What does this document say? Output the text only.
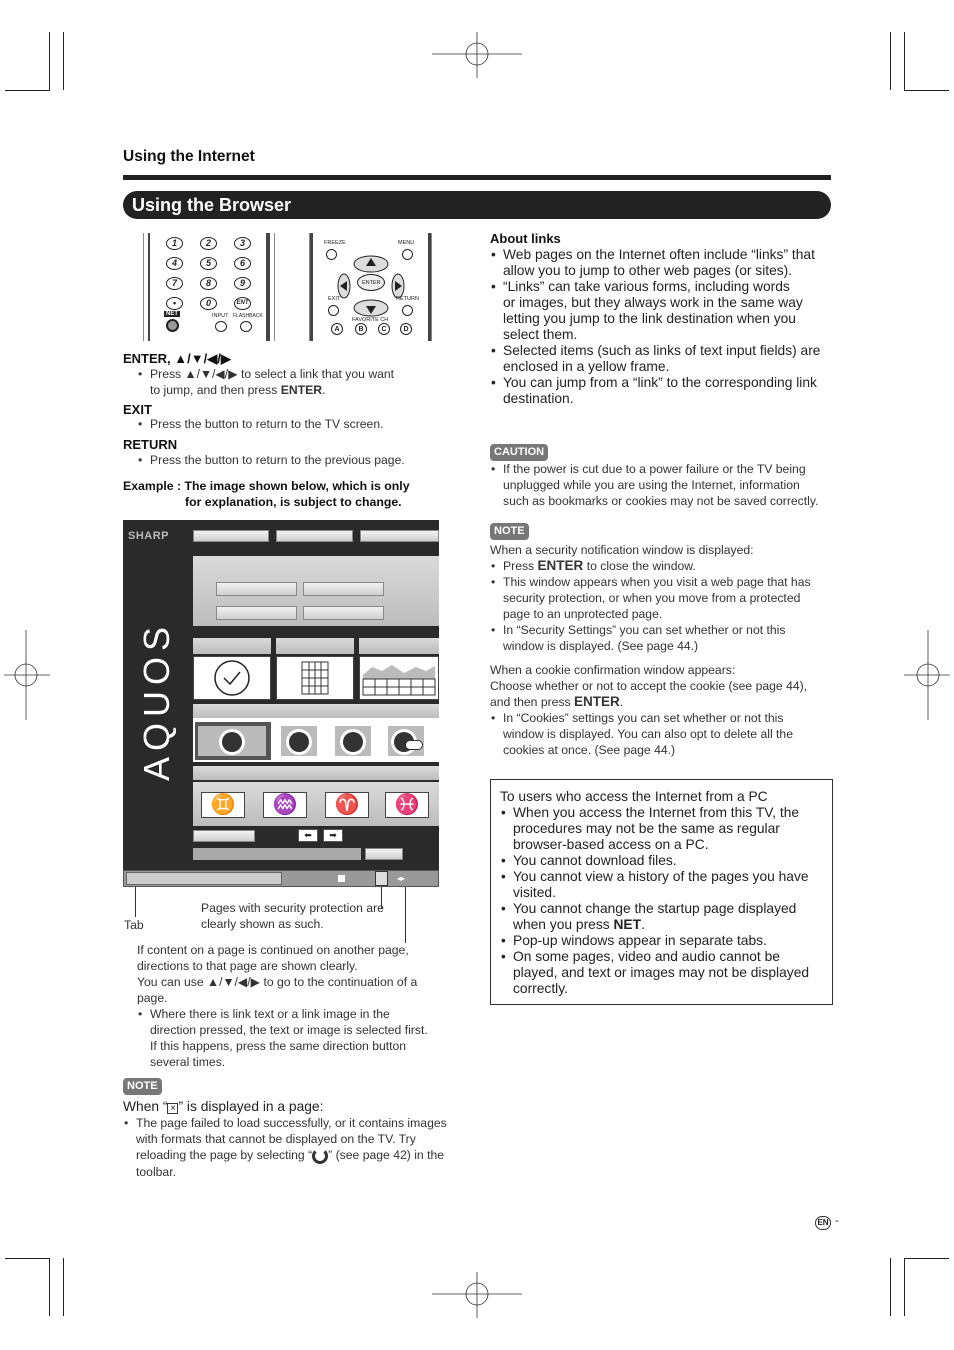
Using the Internet
Using the Browser
1	2	3
4	5	6
7	8	9
•	0	ENT
NET	INPUT FLASHBACK
FREEZE	MENU
ENTER
EXIT	RETURN
FAVORITE CH
A	B	C	D
ENTER, ▲/▼/◀/▶
• Press ▲/▼/◀/▶ to select a link that you want
to jump, and then press ENTER.
EXIT
• Press the button to return to the TV screen.
RETURN
• Press the button to return to the previous page.
Example : The image shown below, which is only
for explanation, is subject to change.
SHARP
AQUOS
♊	♒	♈	♓
⬅	➡
◂▸
Tab
Pages with security protection are
clearly shown as such.
If content on a page is continued on another page,
directions to that page are shown clearly.
You can use ▲/▼/◀/▶ to go to the continuation of a
page.
• Where there is link text or a link image in the
direction pressed, the text or image is selected first.
If this happens, press the same direction button
several times.
NOTE
When “ × ” is displayed in a page:
• The page failed to load successfully, or it contains images
with formats that cannot be displayed on the TV. Try
reloading the page by selecting “ ” (see page 42) in the
toolbar.
About links
• Web pages on the Internet often include “links” that
allow you to jump to other web pages (or sites).
• “Links” can take various forms, including words
or images, but they always work in the same way
letting you jump to the link destination when you
select them.
• Selected items (such as links of text input fields) are
enclosed in a yellow frame.
• You can jump from a “link” to the corresponding link
destination.
CAUTION
• If the power is cut due to a power failure or the TV being
unplugged while you are using the Internet, information
such as bookmarks or cookies may not be saved correctly.
NOTE
When a security notification window is displayed:
• Press ENTER to close the window.
• This window appears when you visit a web page that has
security protection, or when you move from a protected
page to an unprotected page.
• In “Security Settings” you can set whether or not this
window is displayed. (See page 44.)
When a cookie confirmation window appears:
Choose whether or not to accept the cookie (see page 44),
and then press ENTER.
• In “Cookies” settings you can set whether or not this
window is displayed. You can also opt to delete all the
cookies at once. (See page 44.)
To users who access the Internet from a PC
• When you access the Internet from this TV, the
procedures may not be the same as regular
browser-based access on a PC.
• You cannot download files.
• You cannot view a history of the pages you have
visited.
• You cannot change the startup page displayed
when you press NET.
• Pop-up windows appear in separate tabs.
• On some pages, video and audio cannot be
played, and text or images may not be displayed
correctly.
EN -
